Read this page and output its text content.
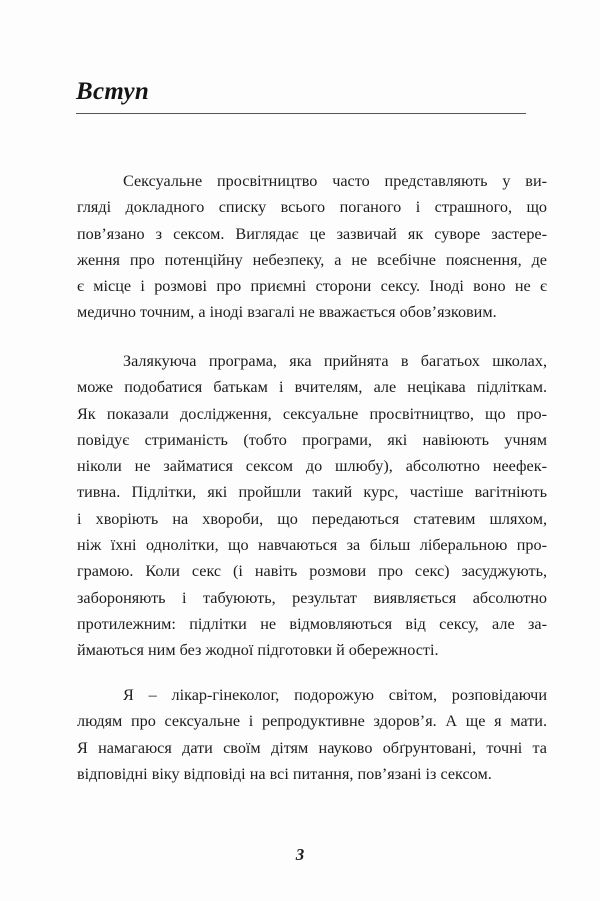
Вступ
Сексуальне просвітництво часто представляють у ви-
гляді докладного списку всього поганого і страшного, що
пов’язано з сексом. Виглядає це зазвичай як суворе застере-
ження про потенційну небезпеку, а не всебічне пояснення, де
є місце і розмові про приємні сторони сексу. Іноді воно не є
медично точним, а іноді взагалі не вважається обов’язковим.
Залякуюча програма, яка прийнята в багатьох школах,
може подобатися батькам і вчителям, але нецікава підліткам.
Як показали дослідження, сексуальне просвітництво, що про-
повідує стриманість (тобто програми, які навіюють учням
ніколи не займатися сексом до шлюбу), абсолютно неефек-
тивна. Підлітки, які пройшли такий курс, частіше вагітніють
і хворіють на хвороби, що передаються статевим шляхом,
ніж їхні однолітки, що навчаються за більш ліберальною про-
грамою. Коли секс (і навіть розмови про секс) засуджують,
забороняють і табуюють, результат виявляється абсолютно
протилежним: підлітки не відмовляються від сексу, але за-
ймаються ним без жодної підготовки й обережності.
Я – лікар-гінеколог, подорожую світом, розповідаючи
людям про сексуальне і репродуктивне здоров’я. А ще я мати.
Я намагаюся дати своїм дітям науково обґрунтовані, точні та
відповідні віку відповіді на всі питання, пов’язані із сексом.
3
